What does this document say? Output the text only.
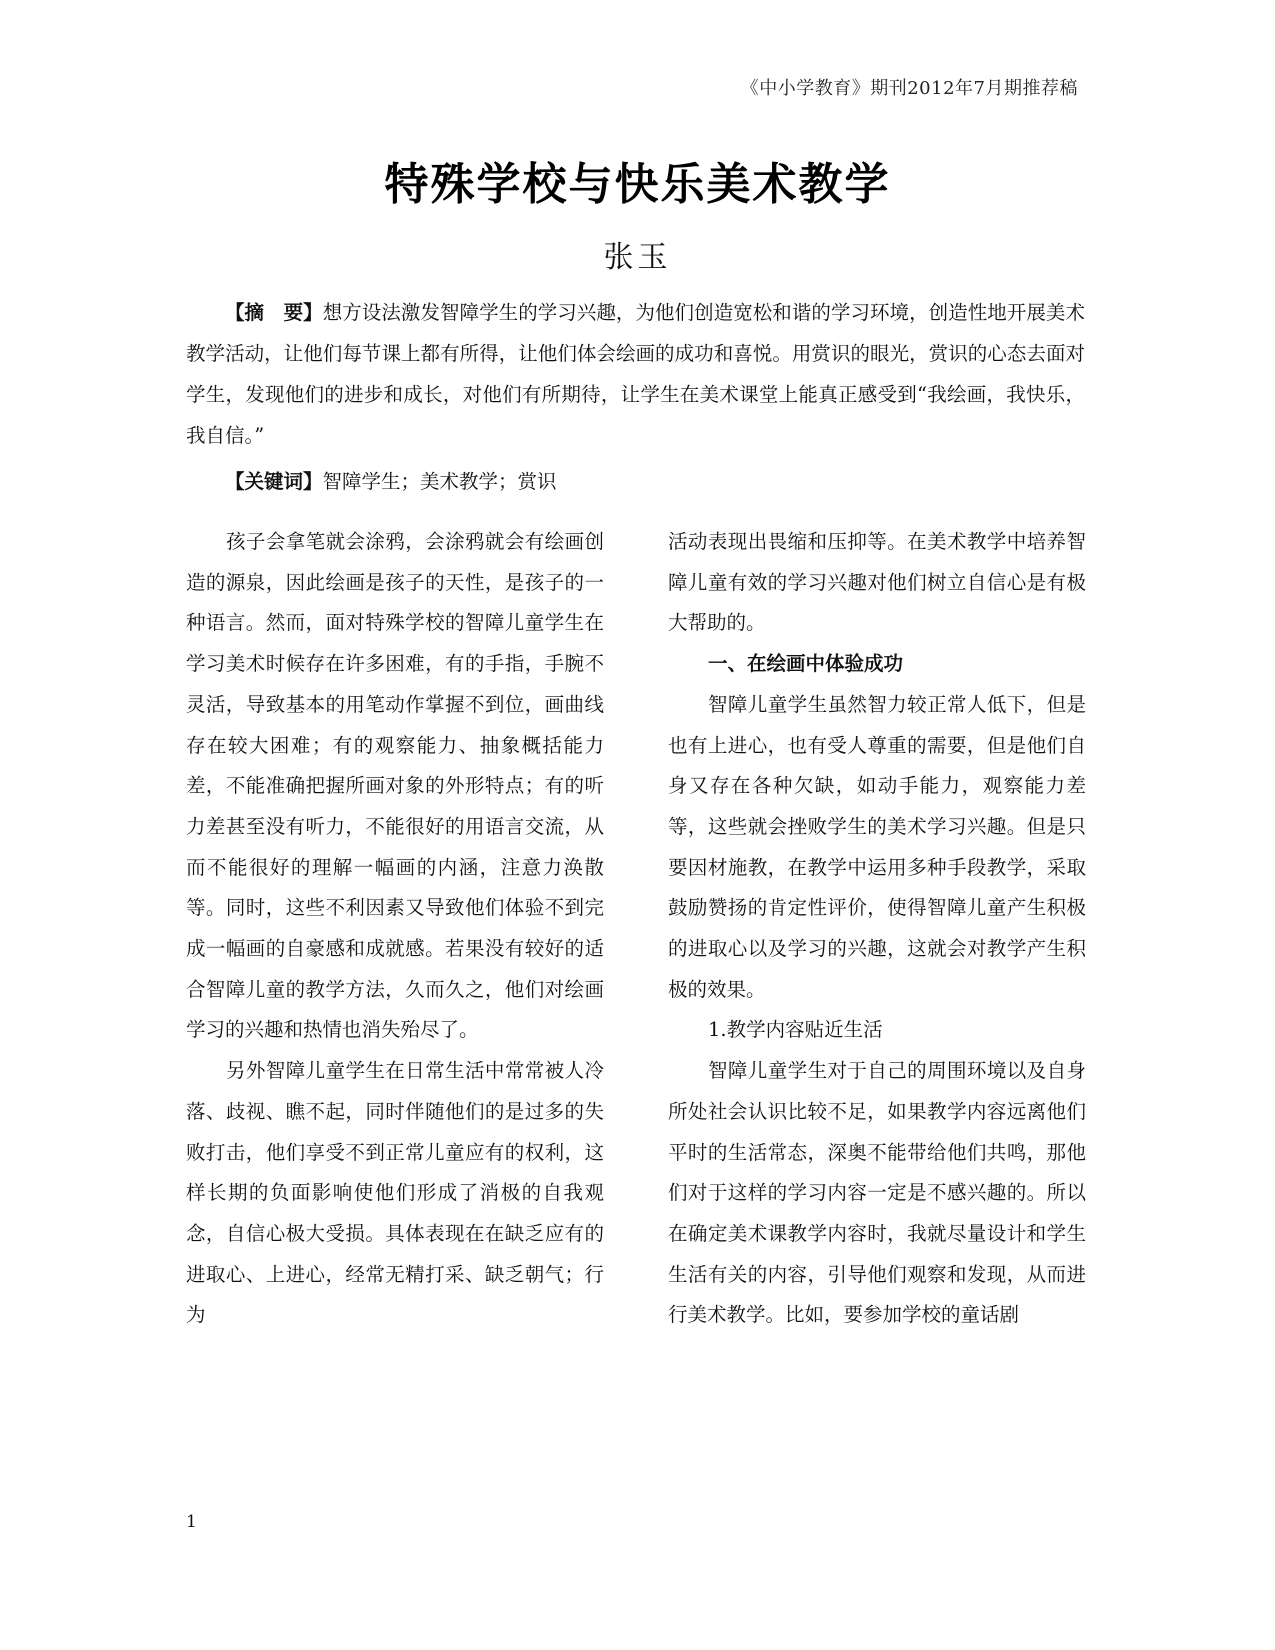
《中小学教育》期刊2012年7月期推荐稿
特殊学校与快乐美术教学
张玉

【摘　要】想方设法激发智障学生的学习兴趣，为他们创造宽松和谐的学习环境，创造性地开展美术教学活动，让他们每节课上都有所得，让他们体会绘画的成功和喜悦。用赏识的眼光，赏识的心态去面对学生，发现他们的进步和成长，对他们有所期待，让学生在美术课堂上能真正感受到“我绘画，我快乐，我自信。”

【关键词】智障学生；美术教学；赏识

孩子会拿笔就会涂鸦，会涂鸦就会有绘画创造的源泉，因此绘画是孩子的天性，是孩子的一种语言。然而，面对特殊学校的智障儿童学生在学习美术时候存在许多困难，有的手指，手腕不灵活，导致基本的用笔动作掌握不到位，画曲线存在较大困难；有的观察能力、抽象概括能力差，不能准确把握所画对象的外形特点；有的听力差甚至没有听力，不能很好的用语言交流，从而不能很好的理解一幅画的内涵，注意力涣散等。同时，这些不利因素又导致他们体验不到完成一幅画的自豪感和成就感。若果没有较好的适合智障儿童的教学方法，久而久之，他们对绘画学习的兴趣和热情也消失殆尽了。

另外智障儿童学生在日常生活中常常被人冷落、歧视、瞧不起，同时伴随他们的是过多的失败打击，他们享受不到正常儿童应有的权利，这样长期的负面影响使他们形成了消极的自我观念，自信心极大受损。具体表现在在缺乏应有的进取心、上进心，经常无精打采、缺乏朝气；行为

活动表现出畏缩和压抑等。在美术教学中培养智障儿童有效的学习兴趣对他们树立自信心是有极大帮助的。

一、在绘画中体验成功

智障儿童学生虽然智力较正常人低下，但是也有上进心，也有受人尊重的需要，但是他们自身又存在各种欠缺，如动手能力，观察能力差等，这些就会挫败学生的美术学习兴趣。但是只要因材施教，在教学中运用多种手段教学，采取鼓励赞扬的肯定性评价，使得智障儿童产生积极的进取心以及学习的兴趣，这就会对教学产生积极的效果。

1.教学内容贴近生活

智障儿童学生对于自己的周围环境以及自身所处社会认识比较不足，如果教学内容远离他们平时的生活常态，深奥不能带给他们共鸣，那他们对于这样的学习内容一定是不感兴趣的。所以在确定美术课教学内容时，我就尽量设计和学生生活有关的内容，引导他们观察和发现，从而进行美术教学。比如，要参加学校的童话剧

1
